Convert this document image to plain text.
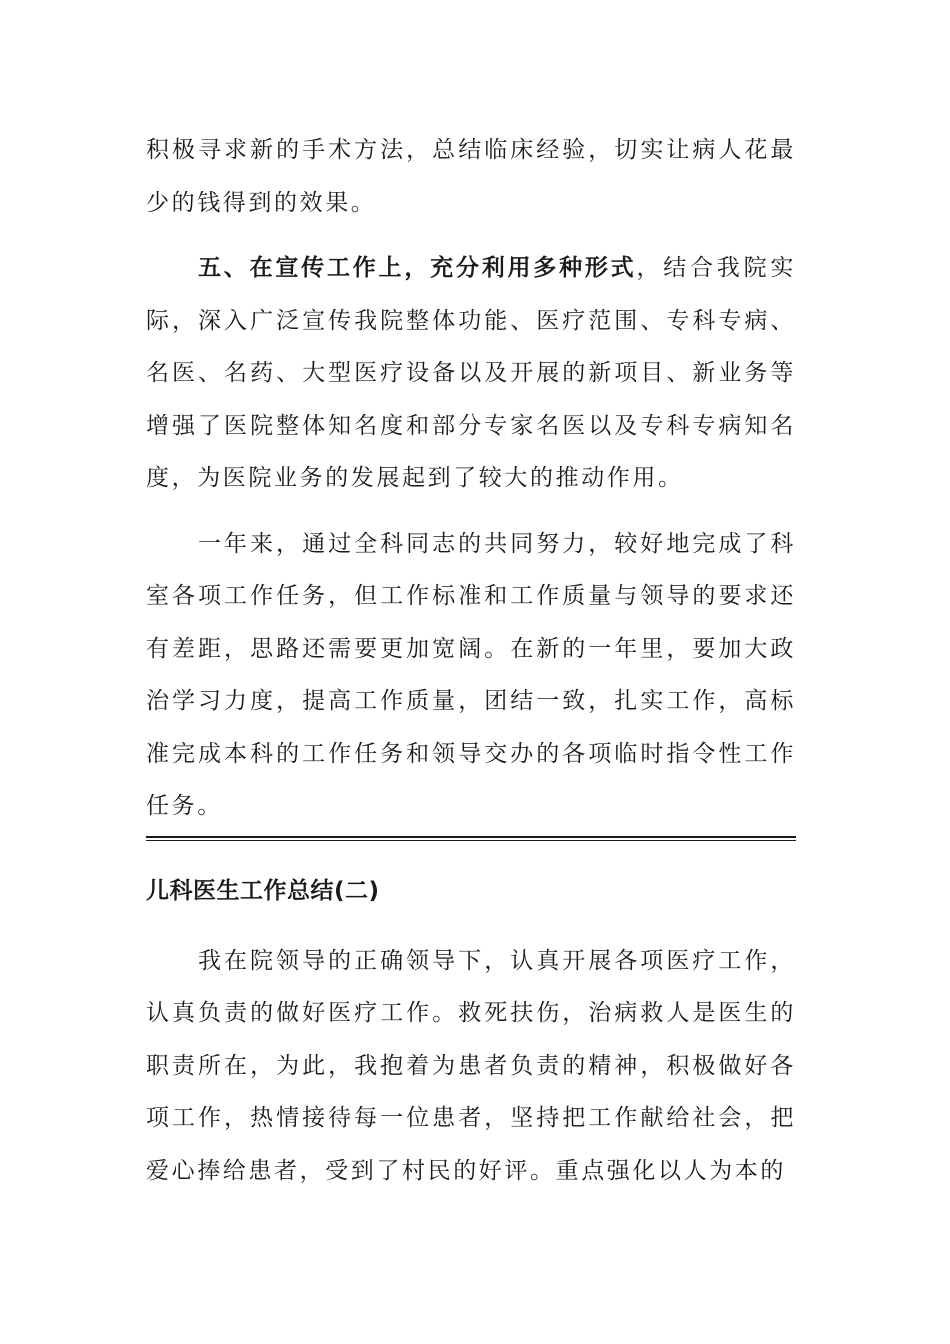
积极寻求新的手术方法，总结临床经验，切实让病人花最少的钱得到的效果。

五、在宣传工作上，充分利用多种形式，结合我院实际，深入广泛宣传我院整体功能、医疗范围、专科专病、名医、名药、大型医疗设备以及开展的新项目、新业务等增强了医院整体知名度和部分专家名医以及专科专病知名度，为医院业务的发展起到了较大的推动作用。

一年来，通过全科同志的共同努力，较好地完成了科室各项工作任务，但工作标准和工作质量与领导的要求还有差距，思路还需要更加宽阔。在新的一年里，要加大政治学习力度，提高工作质量，团结一致，扎实工作，高标准完成本科的工作任务和领导交办的各项临时指令性工作任务。

儿科医生工作总结(二)

我在院领导的正确领导下，认真开展各项医疗工作，认真负责的做好医疗工作。救死扶伤，治病救人是医生的职责所在，为此，我抱着为患者负责的精神，积极做好各项工作，热情接待每一位患者，坚持把工作献给社会，把爱心捧给患者，受到了村民的好评。重点强化以人为本的
